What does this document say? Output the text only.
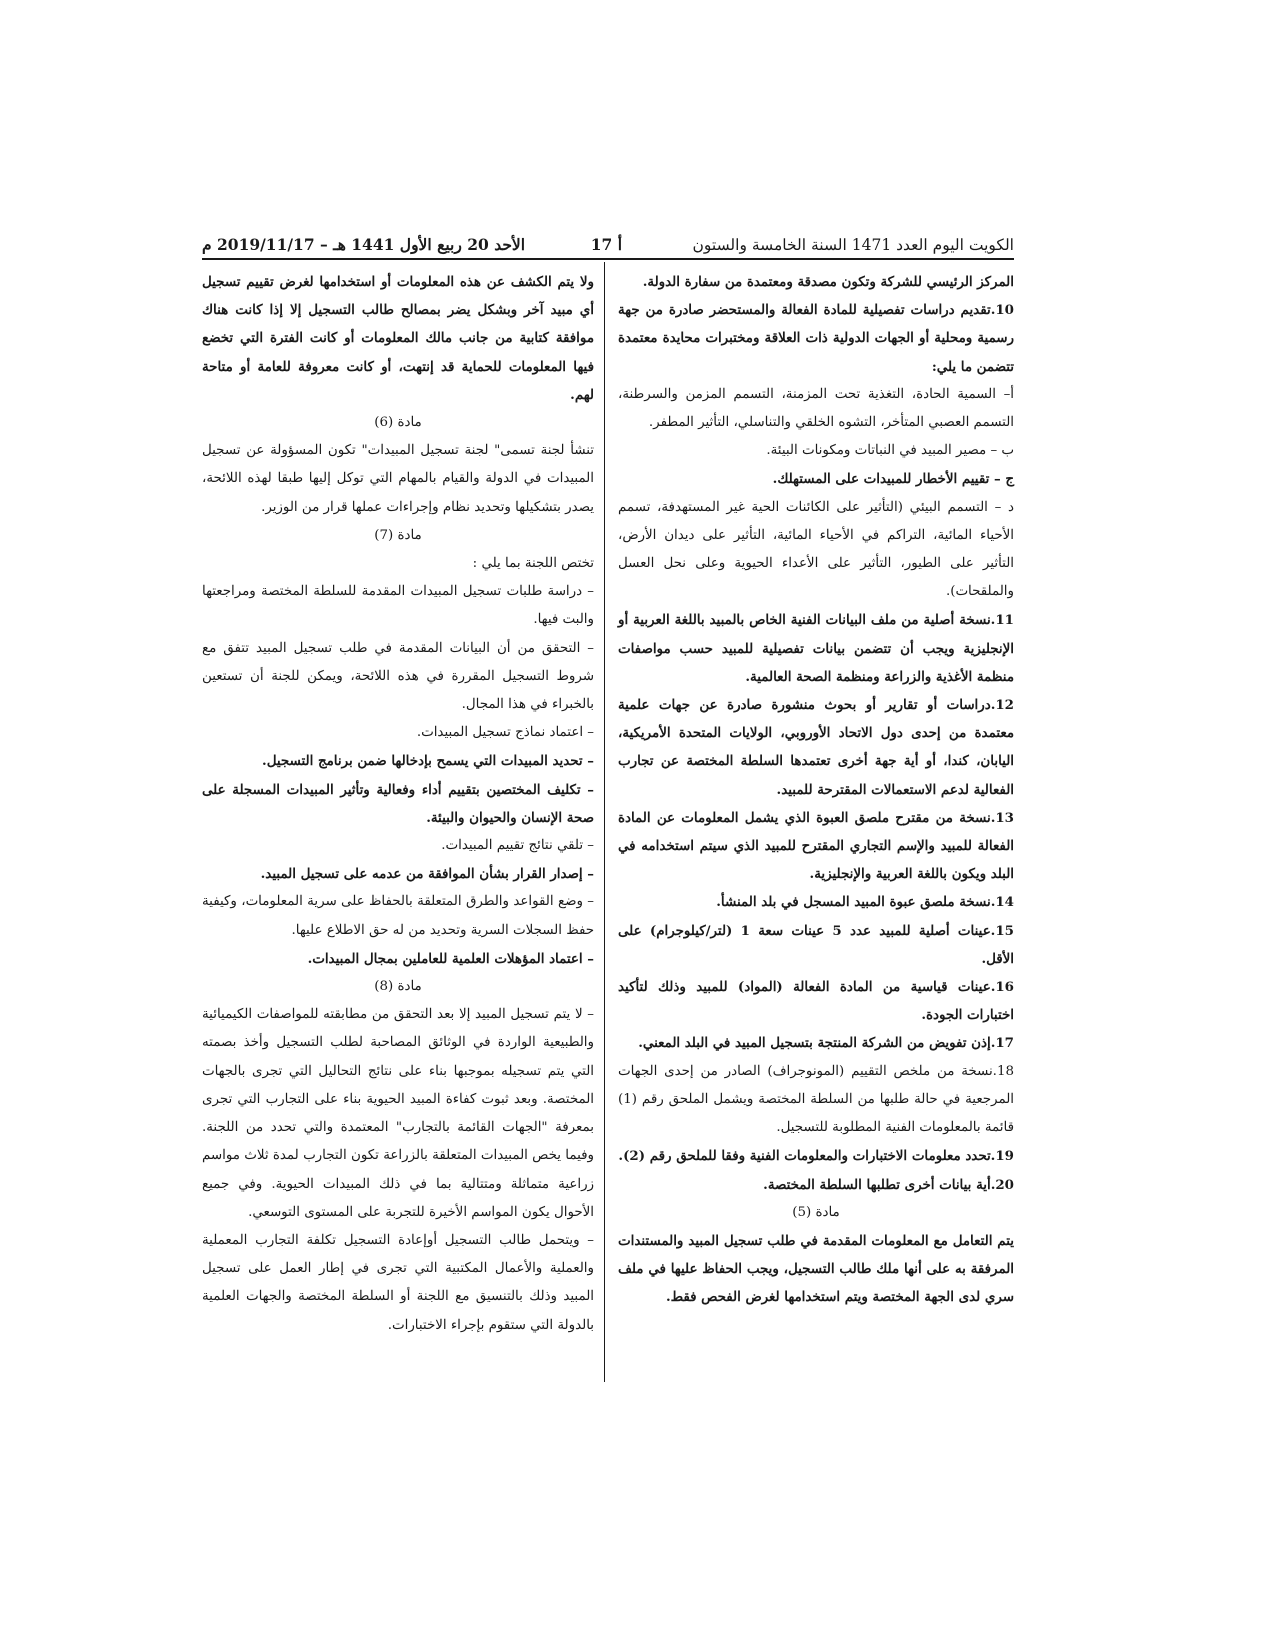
الكويت اليوم العدد 1471 السنة الخامسة والستون
أ 17
الأحد 20 ربيع الأول 1441 هـ – 2019/11/17 م

المركز الرئيسي للشركة وتكون مصدقة ومعتمدة من سفارة الدولة.

10.تقديم دراسات تفصيلية للمادة الفعالة والمستحضر صادرة من جهة رسمية ومحلية أو الجهات الدولية ذات العلاقة ومختبرات محايدة معتمدة تتضمن ما يلي:

أ– السمية الحادة، التغذية تحت المزمنة، التسمم المزمن والسرطنة، التسمم العصبي المتأخر، التشوه الخلقي والتناسلي، التأثير المطفر.

ب – مصير المبيد في النباتات ومكونات البيئة.

ج – تقييم الأخطار للمبيدات على المستهلك.

د – التسمم البيئي (التأثير على الكائنات الحية غير المستهدفة، تسمم الأحياء المائية، التراكم في الأحياء المائية، التأثير على ديدان الأرض، التأثير على الطيور، التأثير على الأعداء الحيوية وعلى نحل العسل والملقحات).

11.نسخة أصلية من ملف البيانات الفنية الخاص بالمبيد باللغة العربية أو الإنجليزية ويجب أن تتضمن بيانات تفصيلية للمبيد حسب مواصفات منظمة الأغذية والزراعة ومنظمة الصحة العالمية.

12.دراسات أو تقارير أو بحوث منشورة صادرة عن جهات علمية معتمدة من إحدى دول الاتحاد الأوروبي، الولايات المتحدة الأمريكية، اليابان، كندا، أو أية جهة أخرى تعتمدها السلطة المختصة عن تجارب الفعالية لدعم الاستعمالات المقترحة للمبيد.

13.نسخة من مقترح ملصق العبوة الذي يشمل المعلومات عن المادة الفعالة للمبيد والإسم التجاري المقترح للمبيد الذي سيتم استخدامه في البلد ويكون باللغة العربية والإنجليزية.

14.نسخة ملصق عبوة المبيد المسجل في بلد المنشأ.

15.عينات أصلية للمبيد عدد 5 عينات سعة 1 (لتر/كيلوجرام) على الأقل.

16.عينات قياسية من المادة الفعالة (المواد) للمبيد وذلك لتأكيد اختبارات الجودة.

17.إذن تفويض من الشركة المنتجة بتسجيل المبيد في البلد المعني.

18.نسخة من ملخص التقييم (المونوجراف) الصادر من إحدى الجهات المرجعية في حالة طلبها من السلطة المختصة ويشمل الملحق رقم (1) قائمة بالمعلومات الفنية المطلوبة للتسجيل.

19.تحدد معلومات الاختبارات والمعلومات الفنية وفقا للملحق رقم (2).

20.أية بيانات أخرى تطلبها السلطة المختصة.

مادة (5)

يتم التعامل مع المعلومات المقدمة في طلب تسجيل المبيد والمستندات المرفقة به على أنها ملك طالب التسجيل، ويجب الحفاظ عليها في ملف سري لدى الجهة المختصة ويتم استخدامها لغرض الفحص فقط.

ولا يتم الكشف عن هذه المعلومات أو استخدامها لغرض تقييم تسجيل أي مبيد آخر وبشكل يضر بمصالح طالب التسجيل إلا إذا كانت هناك موافقة كتابية من جانب مالك المعلومات أو كانت الفترة التي تخضع فيها المعلومات للحماية قد إنتهت، أو كانت معروفة للعامة أو متاحة لهم.

مادة (6)

تنشأ لجنة تسمى" لجنة تسجيل المبيدات" تكون المسؤولة عن تسجيل المبيدات في الدولة والقيام بالمهام التي توكل إليها طبقا لهذه اللائحة، يصدر بتشكيلها وتحديد نظام وإجراءات عملها قرار من الوزير.

مادة (7)

تختص اللجنة بما يلي :

– دراسة طلبات تسجيل المبيدات المقدمة للسلطة المختصة ومراجعتها والبت فيها.

– التحقق من أن البيانات المقدمة في طلب تسجيل المبيد تتفق مع شروط التسجيل المقررة في هذه اللائحة، ويمكن للجنة أن تستعين بالخبراء في هذا المجال.

– اعتماد نماذج تسجيل المبيدات.

– تحديد المبيدات التي يسمح بإدخالها ضمن برنامج التسجيل.

– تكليف المختصين بتقييم أداء وفعالية وتأثير المبيدات المسجلة على صحة الإنسان والحيوان والبيئة.

– تلقي نتائج تقييم المبيدات.

– إصدار القرار بشأن الموافقة من عدمه على تسجيل المبيد.

– وضع القواعد والطرق المتعلقة بالحفاظ على سرية المعلومات، وكيفية حفظ السجلات السرية وتحديد من له حق الاطلاع عليها.

– اعتماد المؤهلات العلمية للعاملين بمجال المبيدات.

مادة (8)

– لا يتم تسجيل المبيد إلا بعد التحقق من مطابقته للمواصفات الكيميائية والطبيعية الواردة في الوثائق المصاحبة لطلب التسجيل وأخذ بصمته التي يتم تسجيله بموجبها بناء على نتائج التحاليل التي تجرى بالجهات المختصة. وبعد ثبوت كفاءة المبيد الحيوية بناء على التجارب التي تجرى بمعرفة "الجهات القائمة بالتجارب" المعتمدة والتي تحدد من اللجنة. وفيما يخص المبيدات المتعلقة بالزراعة تكون التجارب لمدة ثلاث مواسم زراعية متماثلة ومتتالية بما في ذلك المبيدات الحيوية. وفي جميع الأحوال يكون المواسم الأخيرة للتجربة على المستوى التوسعي.

– ويتحمل طالب التسجيل أوإعادة التسجيل تكلفة التجارب المعملية والعملية والأعمال المكتبية التي تجرى في إطار العمل على تسجيل المبيد وذلك بالتنسيق مع اللجنة أو السلطة المختصة والجهات العلمية بالدولة التي ستقوم بإجراء الاختبارات.
